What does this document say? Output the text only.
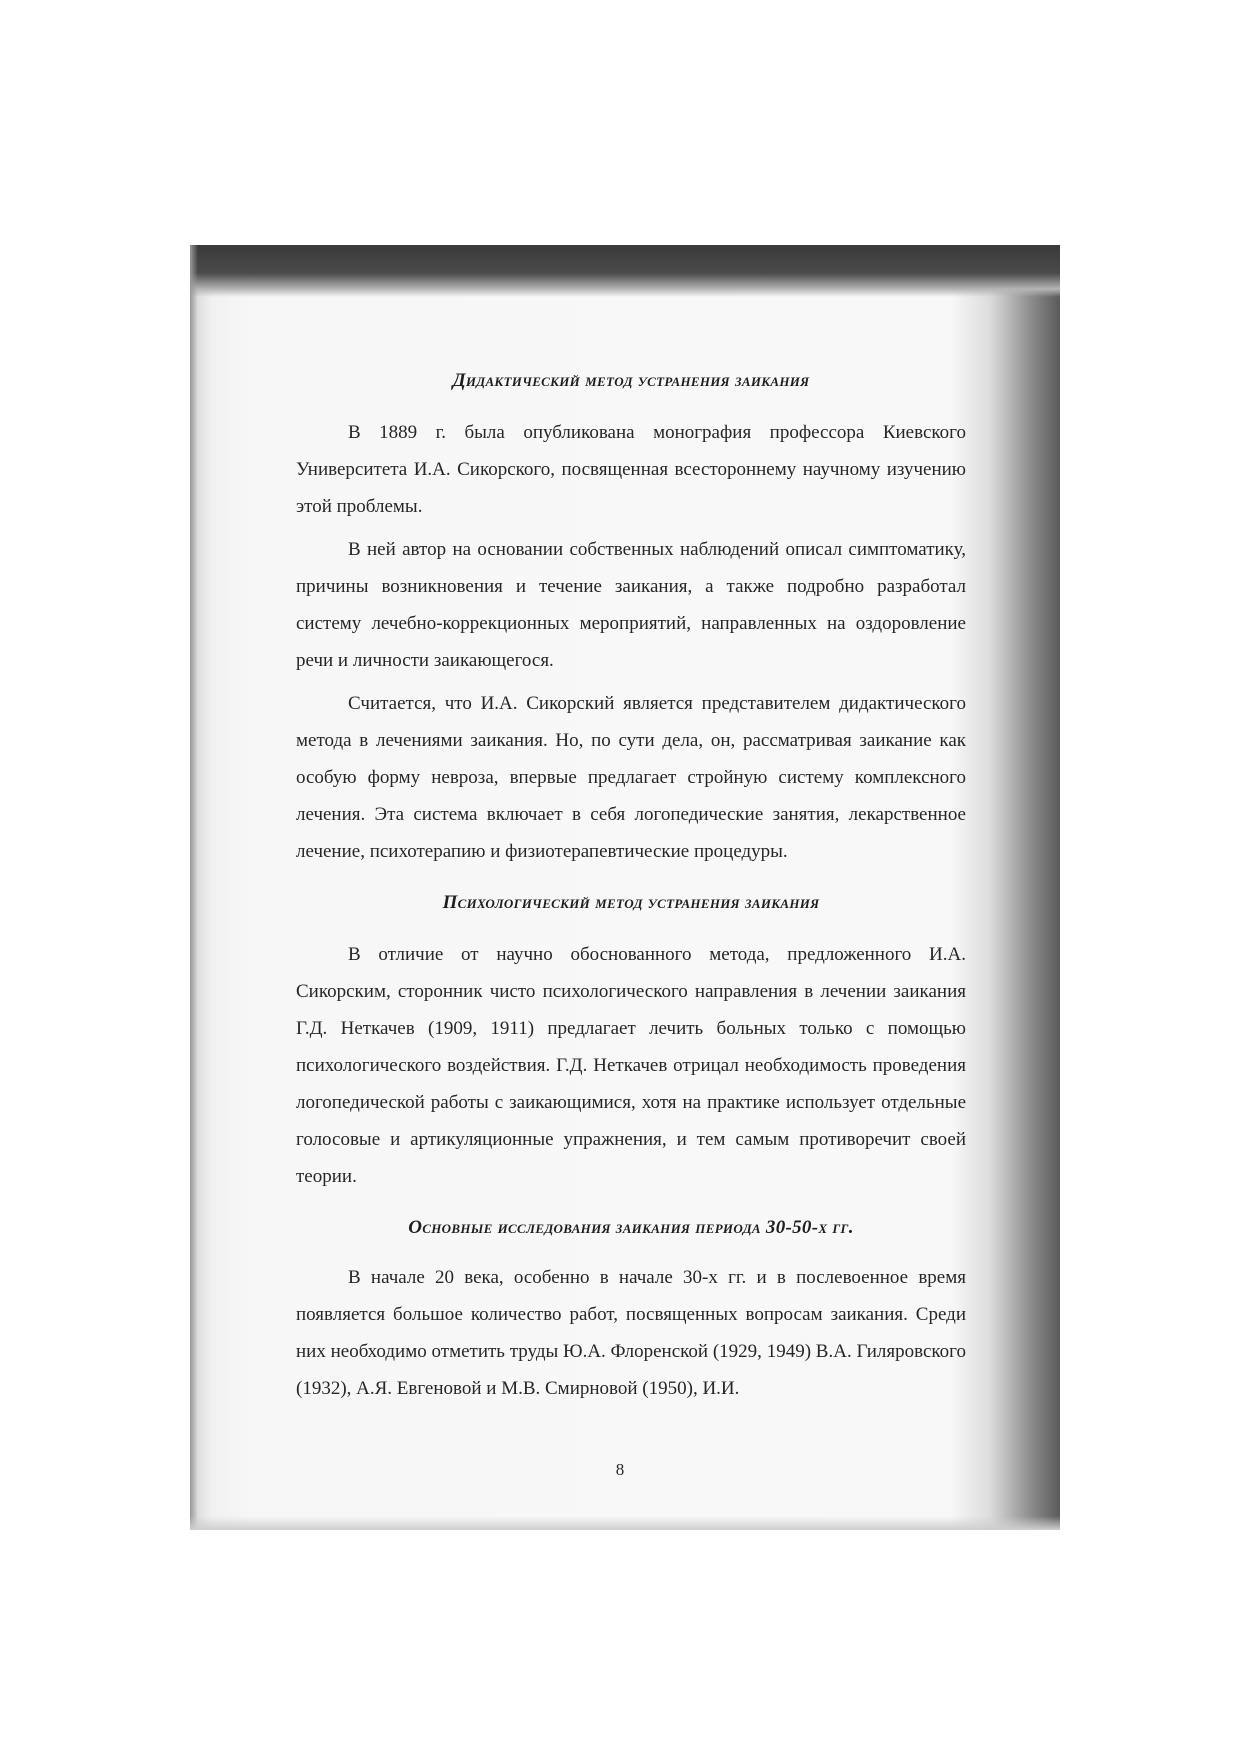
Дидактический метод устранения заикания

В 1889 г. была опубликована монография профессора Киевского Университета И.А. Сикорского, посвященная всестороннему научному изучению этой проблемы.

В ней автор на основании собственных наблюдений описал симптоматику, причины возникновения и течение заикания, а также подробно разработал систему лечебно-коррекционных мероприятий, направленных на оздоровление речи и личности заикающегося.

Считается, что И.А. Сикорский является представителем дидактического метода в лечениями заикания. Но, по сути дела, он, рассматривая заикание как особую форму невроза, впервые предлагает стройную систему комплексного лечения. Эта система включает в себя логопедические занятия, лекарственное лечение, психотерапию и физиотерапевтические процедуры.

Психологический метод устранения заикания

В отличие от научно обоснованного метода, предложенного И.А. Сикорским, сторонник чисто психологического направления в лечении заикания Г.Д. Неткачев (1909, 1911) предлагает лечить больных только с помощью психологического воздействия. Г.Д. Неткачев отрицал необходимость проведения логопедической работы с заикающимися, хотя на практике использует отдельные голосовые и артикуляционные упражнения, и тем самым противоречит своей теории.

Основные исследования заикания периода 30-50-х гг.

В начале 20 века, особенно в начале 30-х гг. и в послевоенное время появляется большое количество работ, посвященных вопросам заикания. Среди них необходимо отметить труды Ю.А. Флоренской (1929, 1949) В.А. Гиляровского (1932), А.Я. Евгеновой и М.В. Смирновой (1950), И.И.

8
